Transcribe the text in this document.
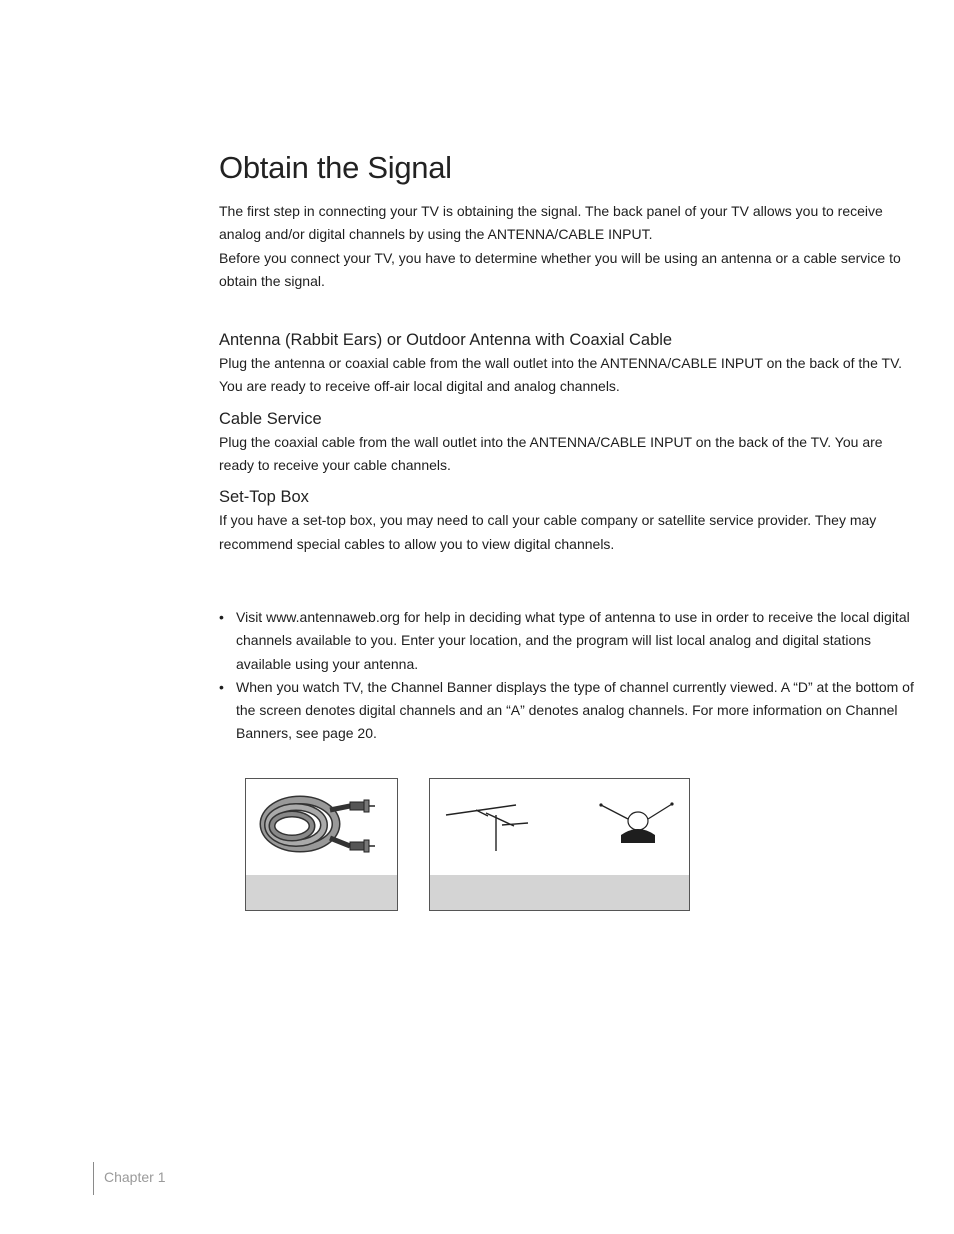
Obtain the Signal

The first step in connecting your TV is obtaining the signal. The back panel of your TV allows you to receive analog and/or digital channels by using the ANTENNA/CABLE INPUT.

Before you connect your TV, you have to determine whether you will be using an antenna or a cable service to obtain the signal.

Antenna (Rabbit Ears) or Outdoor Antenna with Coaxial Cable

Plug the antenna or coaxial cable from the wall outlet into the ANTENNA/CABLE INPUT on the back of the TV. You are ready to receive off-air local digital and analog channels.

Cable Service

Plug the coaxial cable from the wall outlet into the ANTENNA/CABLE INPUT on the back of the TV. You are ready to receive your cable channels.

Set-Top Box

If you have a set-top box, you may need to call your cable company or satellite service provider. They may recommend special cables to allow you to view digital channels.

• Visit www.antennaweb.org for help in deciding what type of antenna to use in order to receive the local digital channels available to you. Enter your location, and the program will list local analog and digital stations available using your antenna.
• When you watch TV, the Channel Banner displays the type of channel currently viewed. A “D” at the bottom of the screen denotes digital channels and an “A” denotes analog channels. For more information on Channel Banners, see page 20.
Chapter 1
